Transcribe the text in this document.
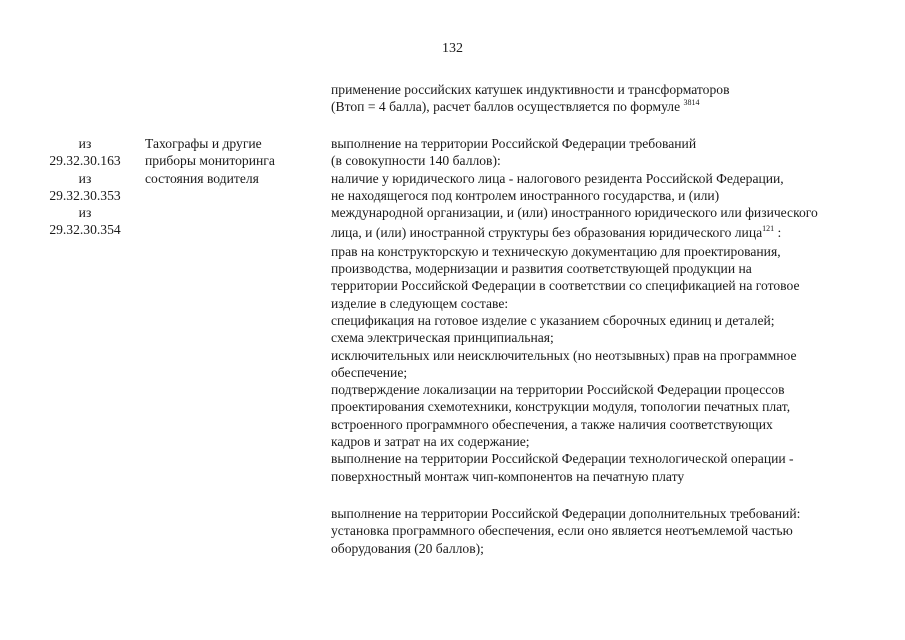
132
применение российских катушек индуктивности и трансформаторов
(Втоп = 4 балла), расчет баллов осуществляется по формуле $^{3814}$
из
29.32.30.163
из
29.32.30.353
из
29.32.30.354
Тахографы и другие
приборы мониторинга
состояния водителя
выполнение на территории Российской Федерации требований
(в совокупности 140 баллов):
наличие у юридического лица - налогового резидента Российской Федерации,
не находящегося под контролем иностранного государства, и (или)
международной организации, и (или) иностранного юридического или физического
лица, и (или) иностранной структуры без образования юридического лица$^{121}$ :
прав на конструкторскую и техническую документацию для проектирования,
производства, модернизации и развития соответствующей продукции на
территории Российской Федерации в соответствии со спецификацией на готовое
изделие в следующем составе:
спецификация на готовое изделие с указанием сборочных единиц и деталей;
схема электрическая принципиальная;
исключительных или неисключительных (но неотзывных) прав на программное
обеспечение;
подтверждение локализации на территории Российской Федерации процессов
проектирования схемотехники, конструкции модуля, топологии печатных плат,
встроенного программного обеспечения, а также наличия соответствующих
кадров и затрат на их содержание;
выполнение на территории Российской Федерации технологической операции -
поверхностный монтаж чип-компонентов на печатную плату
выполнение на территории Российской Федерации дополнительных требований:
установка программного обеспечения, если оно является неотъемлемой частью
оборудования (20 баллов);
